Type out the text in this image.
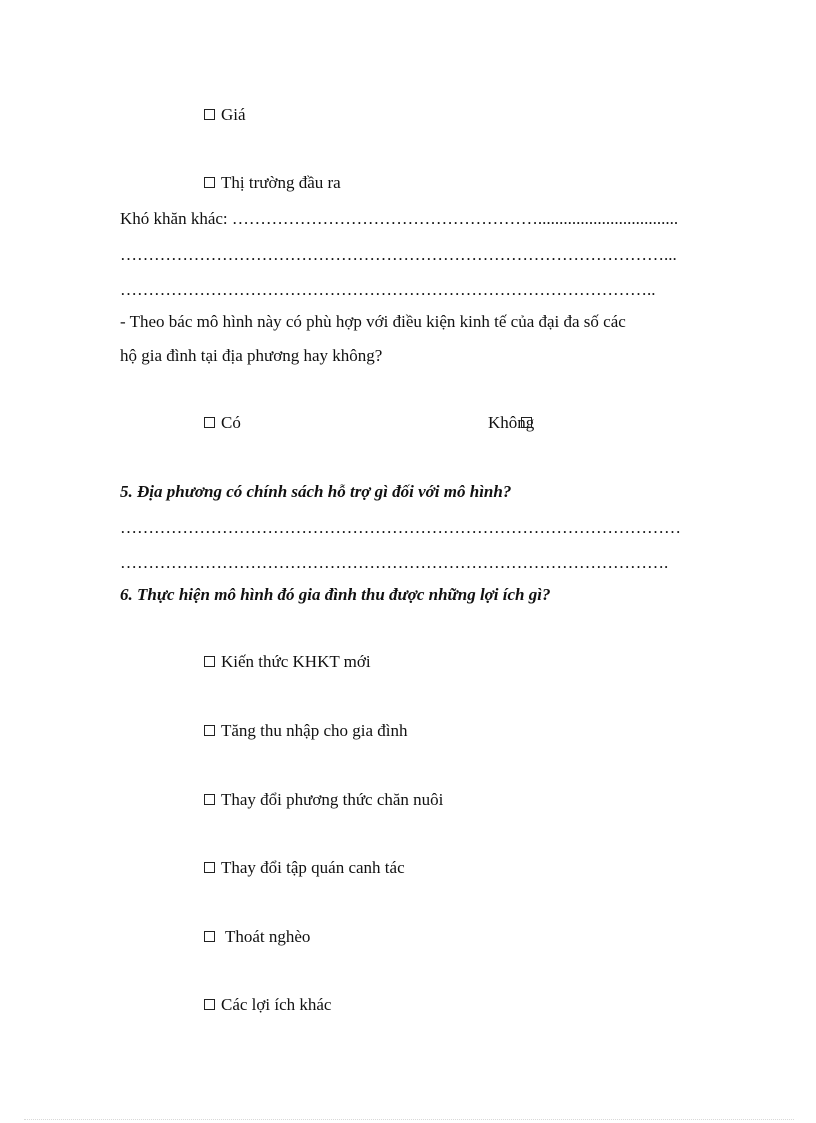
Giá
Thị trường đầu ra
Khó khăn khác: ……………………………………………….................................
……………………………………………………………………………………...
…………………………………………………………………………………..
- Theo bác mô hình này có phù hợp với điều kiện kinh tế của đại đa số các
hộ gia đình tại địa phương hay không?
Có	Không
5. Địa phương có chính sách hỗ trợ gì đối với mô hình?
………………………………………………………………………………………
…………………………………………………………………………………….
6. Thực hiện mô hình đó gia đình thu được những lợi ích gì?
Kiến thức KHKT mới
Tăng thu nhập cho gia đình
Thay đổi phương thức chăn nuôi
Thay đổi tập quán canh tác
Thoát nghèo
Các lợi ích khác
